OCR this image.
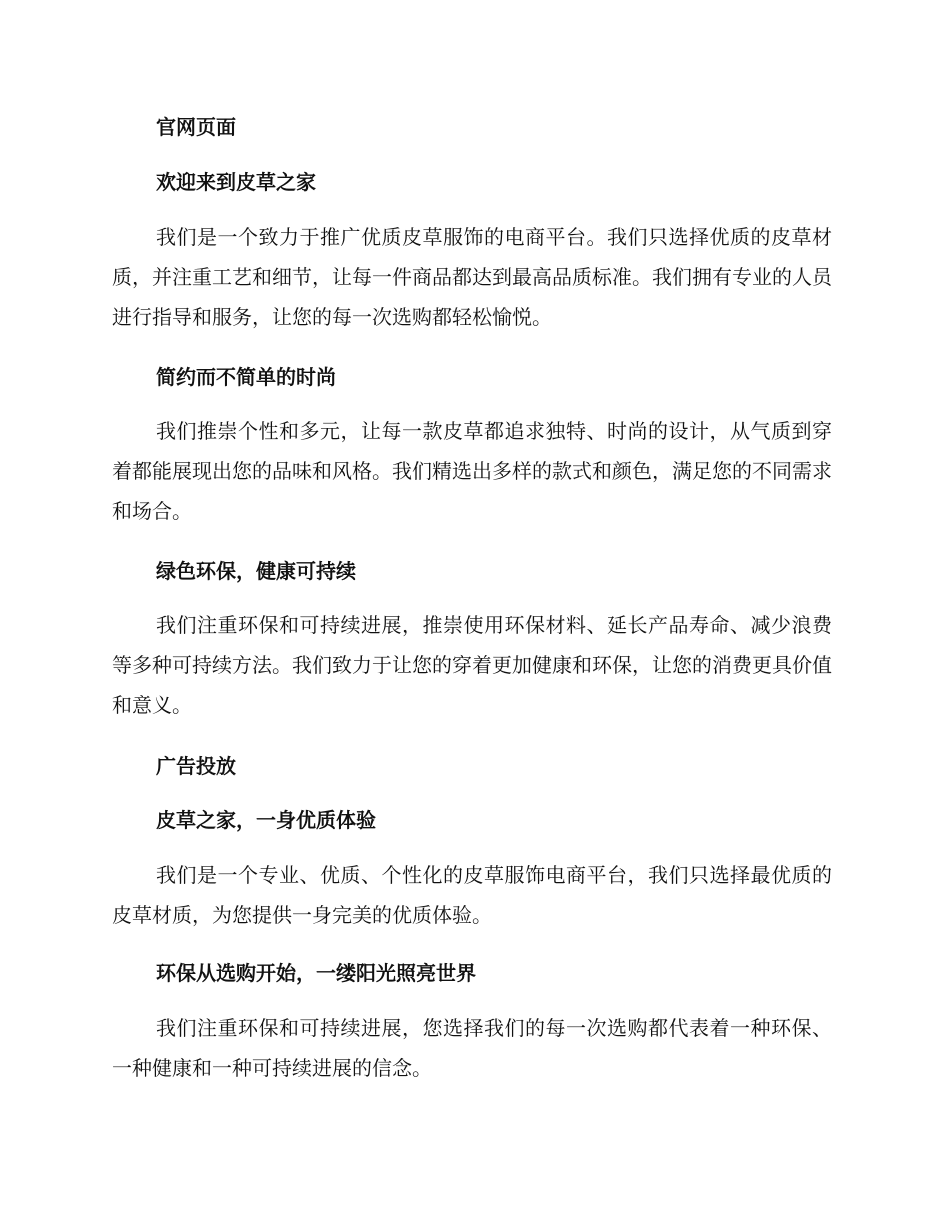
官网页面
欢迎来到皮草之家

我们是一个致力于推广优质皮草服饰的电商平台。我们只选择优质的皮草材质，并注重工艺和细节，让每一件商品都达到最高品质标准。我们拥有专业的人员进行指导和服务，让您的每一次选购都轻松愉悦。

简约而不简单的时尚

我们推崇个性和多元，让每一款皮草都追求独特、时尚的设计，从气质到穿着都能展现出您的品味和风格。我们精选出多样的款式和颜色，满足您的不同需求和场合。

绿色环保，健康可持续

我们注重环保和可持续进展，推崇使用环保材料、延长产品寿命、减少浪费等多种可持续方法。我们致力于让您的穿着更加健康和环保，让您的消费更具价值和意义。

广告投放
皮草之家，一身优质体验

我们是一个专业、优质、个性化的皮草服饰电商平台，我们只选择最优质的皮草材质，为您提供一身完美的优质体验。

环保从选购开始，一缕阳光照亮世界

我们注重环保和可持续进展，您选择我们的每一次选购都代表着一种环保、一种健康和一种可持续进展的信念。
